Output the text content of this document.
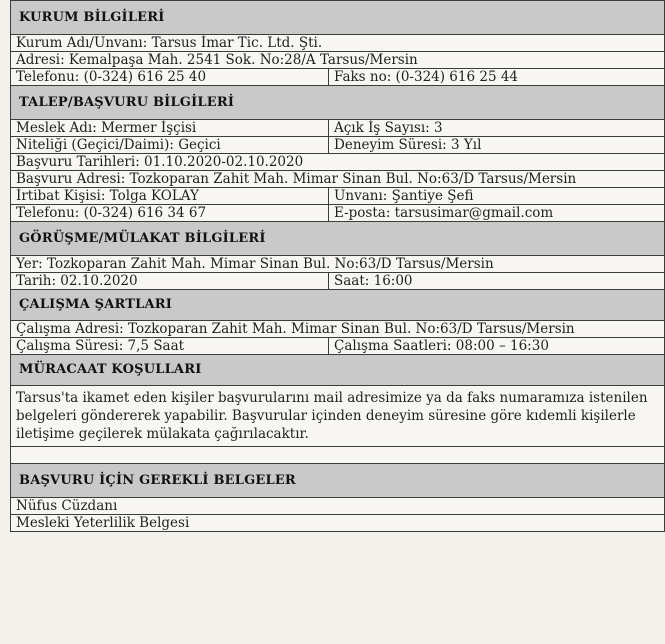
KURUM BİLGİLERİ	
Kurum Adı/Unvanı: Tarsus İmar Tic. Ltd. Şti.	
Adresi: Kemalpaşa Mah. 2541 Sok. No:28/A Tarsus/Mersin	
Telefonu: (0-324) 616 25 40	Faks no: (0-324) 616 25 44
TALEP/BAŞVURU BİLGİLERİ	
Meslek Adı: Mermer İşçisi	Açık İş Sayısı: 3
Niteliği (Geçici/Daimi): Geçici	Deneyim Süresi: 3 Yıl
Başvuru Tarihleri: 01.10.2020-02.10.2020	
Başvuru Adresi: Tozkoparan Zahit Mah. Mimar Sinan Bul. No:63/D Tarsus/Mersin	
İrtibat Kişisi: Tolga KOLAY	Unvanı: Şantiye Şefi
Telefonu: (0-324) 616 34 67	E-posta: tarsusimar@gmail.com
GÖRÜŞME/MÜLAKAT BİLGİLERİ	
Yer: Tozkoparan Zahit Mah. Mimar Sinan Bul. No:63/D Tarsus/Mersin	
Tarih: 02.10.2020	Saat: 16:00
ÇALIŞMA ŞARTLARI	
Çalışma Adresi: Tozkoparan Zahit Mah. Mimar Sinan Bul. No:63/D Tarsus/Mersin	
Çalışma Süresi: 7,5 Saat	Çalışma Saatleri: 08:00 – 16:30
MÜRACAAT KOŞULLARI	
Tarsus'ta ikamet eden kişiler başvurularını mail adresimize ya da faks numaramıza istenilen belgeleri göndererek yapabilir. Başvurular içinden deneyim süresine göre kıdemli kişilerle iletişime geçilerek mülakata çağırılacaktır.	

BAŞVURU İÇİN GEREKLİ BELGELER	
Nüfus Cüzdanı	
Mesleki Yeterlilik Belgesi	
